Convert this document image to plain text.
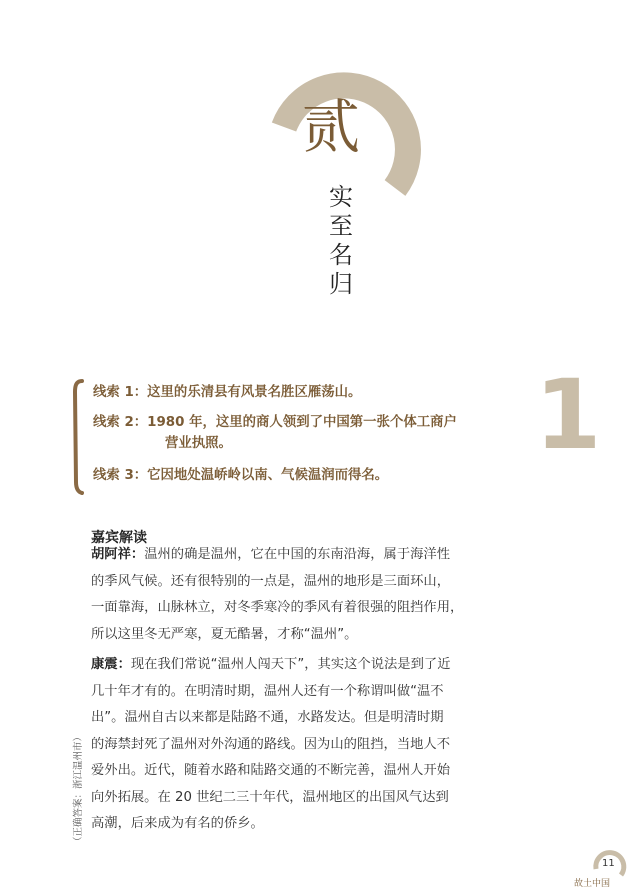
贰
实至名归
线索 1：这里的乐清县有风景名胜区雁荡山。
线索 2：1980 年，这里的商人领到了中国第一张个体工商户
营业执照。
线索 3：它因地处温峤岭以南、气候温润而得名。
1
嘉宾解读
胡阿祥：温州的确是温州，它在中国的东南沿海，属于海洋性
的季风气候。还有很特别的一点是，温州的地形是三面环山，
一面靠海，山脉林立，对冬季寒冷的季风有着很强的阻挡作用，
所以这里冬无严寒，夏无酷暑，才称“温州”。
康震：现在我们常说“温州人闯天下”，其实这个说法是到了近
几十年才有的。在明清时期，温州人还有一个称谓叫做“温不
出”。温州自古以来都是陆路不通，水路发达。但是明清时期
的海禁封死了温州对外沟通的路线。因为山的阻挡，当地人不
爱外出。近代，随着水路和陆路交通的不断完善，温州人开始
向外拓展。在 20 世纪二三十年代，温州地区的出国风气达到
高潮，后来成为有名的侨乡。
（正确答案：浙江温州市）
11
故土中国
